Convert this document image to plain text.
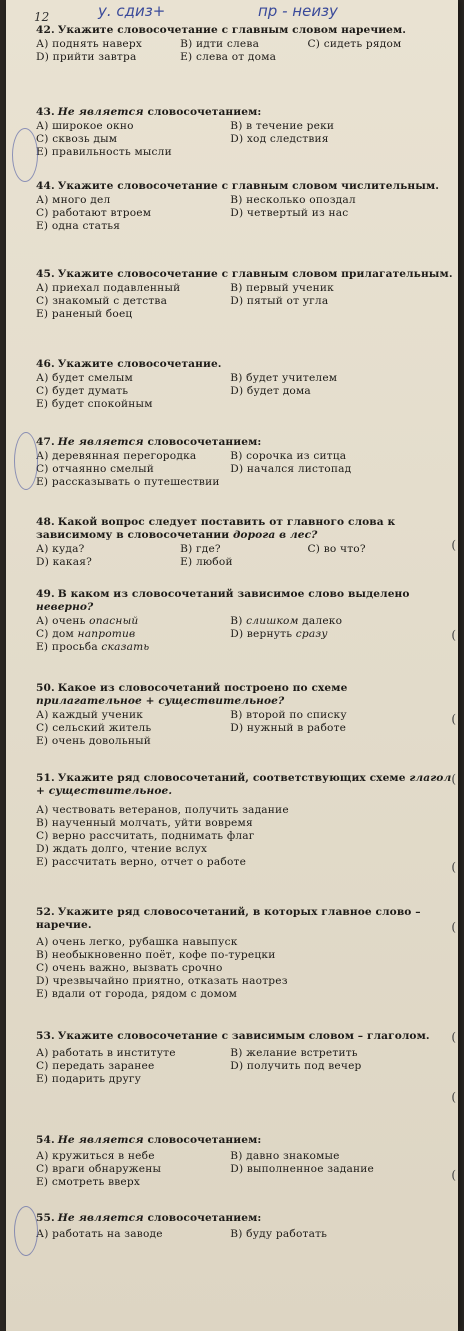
12	у. сдиз+	пр - неизу
42. Укажите словосочетание с главным словом наречием.
А) поднять наверх	В) идти слева	С) сидеть рядом
D) прийти завтра	Е) слева от дома
43. Не является словосочетанием:
А) широкое окно	В) в течение реки
С) сквозь дым	D) ход следствия
Е) правильность мысли
44. Укажите словосочетание с главным словом числительным.
А) много дел	В) несколько опоздал
С) работают втроем	D) четвертый из нас
Е) одна статья
45. Укажите словосочетание с главным словом прилагательным.
А) приехал подавленный	В) первый ученик
С) знакомый с детства	D) пятый от угла
Е) раненый боец
46. Укажите словосочетание.
А) будет смелым	В) будет учителем
С) будет думать	D) будет дома
Е) будет спокойным
47. Не является словосочетанием:
А) деревянная перегородка	В) сорочка из ситца
С) отчаянно смелый	D) начался листопад
Е) рассказывать о путешествии
48. Какой вопрос следует поставить от главного слова к зависимому в словосочетании дорога в лес?
А) куда?	В) где?	С) во что?
D) какая?	Е) любой
49. В каком из словосочетаний зависимое слово выделено неверно?
А) очень опасный	В) слишком далеко
С) дом напротив	D) вернуть сразу
Е) просьба сказать
50. Какое из словосочетаний построено по схеме прилагательное + существительное?
А) каждый ученик	В) второй по списку
С) сельский житель	D) нужный в работе
Е) очень довольный
51. Укажите ряд словосочетаний, соответствующих схеме глагол + существительное.
А) чествовать ветеранов, получить задание
В) наученный молчать, уйти вовремя
С) верно рассчитать, поднимать флаг
D) ждать долго, чтение вслух
Е) рассчитать верно, отчет о работе
52. Укажите ряд словосочетаний, в которых главное слово – наречие.
А) очень легко, рубашка навыпуск
В) необыкновенно поёт, кофе по-турецки
С) очень важно, вызвать срочно
D) чрезвычайно приятно, отказать наотрез
Е) вдали от города, рядом с домом
53. Укажите словосочетание с зависимым словом – глаголом.
А) работать в институте	В) желание встретить
С) передать заранее	D) получить под вечер
Е) подарить другу
54. Не является словосочетанием:
А) кружиться в небе	В) давно знакомые
С) враги обнаружены	D) выполненное задание
Е) смотреть вверх
55. Не является словосочетанием:
А) работать на заводе	В) буду работать
(
(
(
(
(
(
(
(
(
